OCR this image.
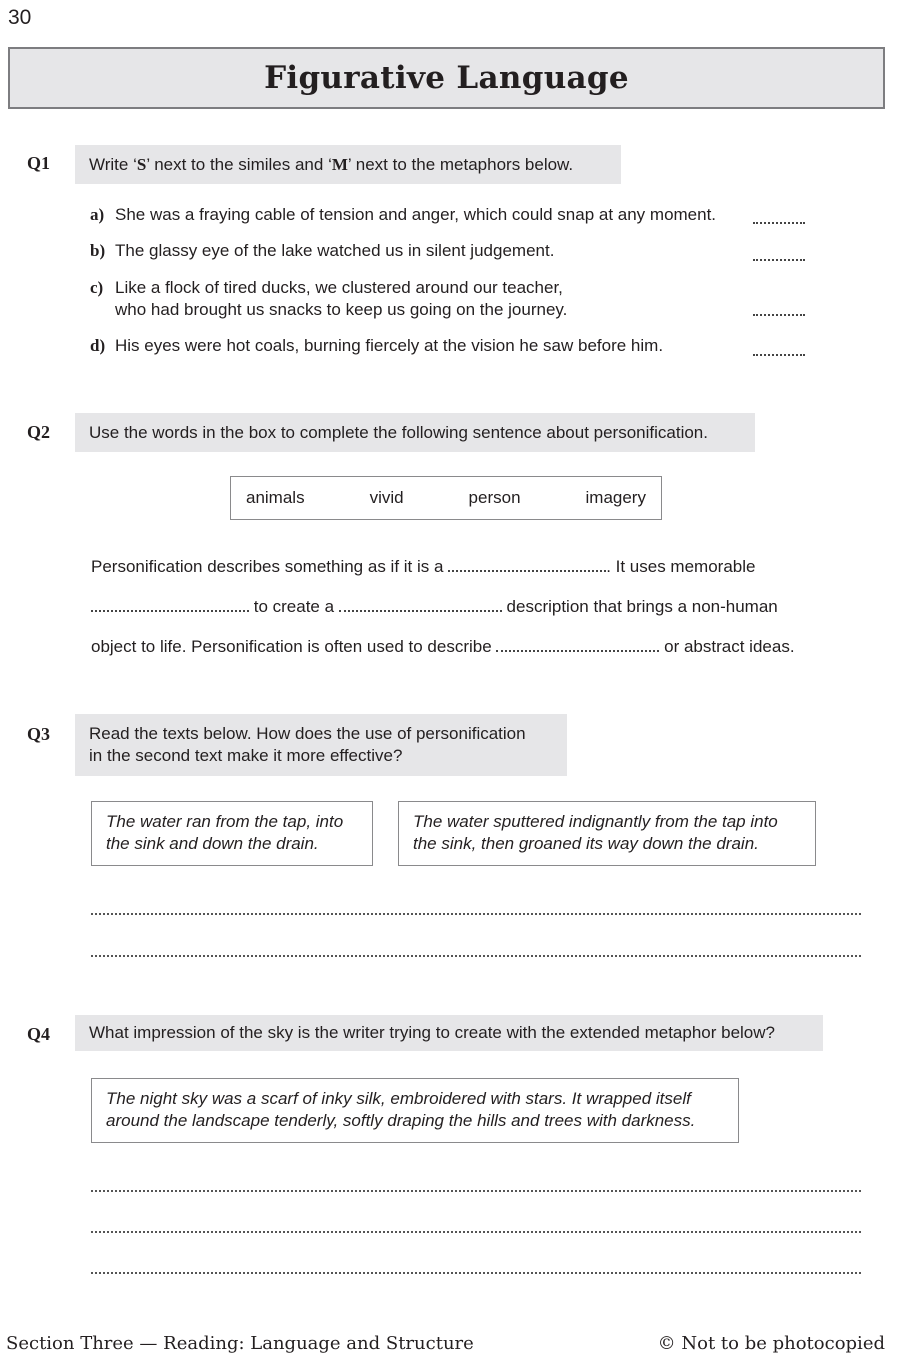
30
Figurative Language
Q1 Write ‘S’ next to the similes and ‘M’ next to the metaphors below.
a) She was a fraying cable of tension and anger, which could snap at any moment.
b) The glassy eye of the lake watched us in silent judgement.
c) Like a flock of tired ducks, we clustered around our teacher,
who had brought us snacks to keep us going on the journey.
d) His eyes were hot coals, burning fiercely at the vision he saw before him.
Q2	Use the words in the box to complete the following sentence about personification.
animals	vivid	person	imagery
Personification describes something as if it is a	. It uses memorable
to create a	description that brings a non-human
object to life. Personification is often used to describe	or abstract ideas.
Q3 Read the texts below. How does the use of personification
in the second text make it more effective?
The water ran from the tap, into
the sink and down the drain.
The water sputtered indignantly from the tap into
the sink, then groaned its way down the drain.
Q4	What impression of the sky is the writer trying to create with the extended metaphor below?
The night sky was a scarf of inky silk, embroidered with stars. It wrapped itself
around the landscape tenderly, softly draping the hills and trees with darkness.
Section Three — Reading: Language and Structure	© Not to be photocopied
